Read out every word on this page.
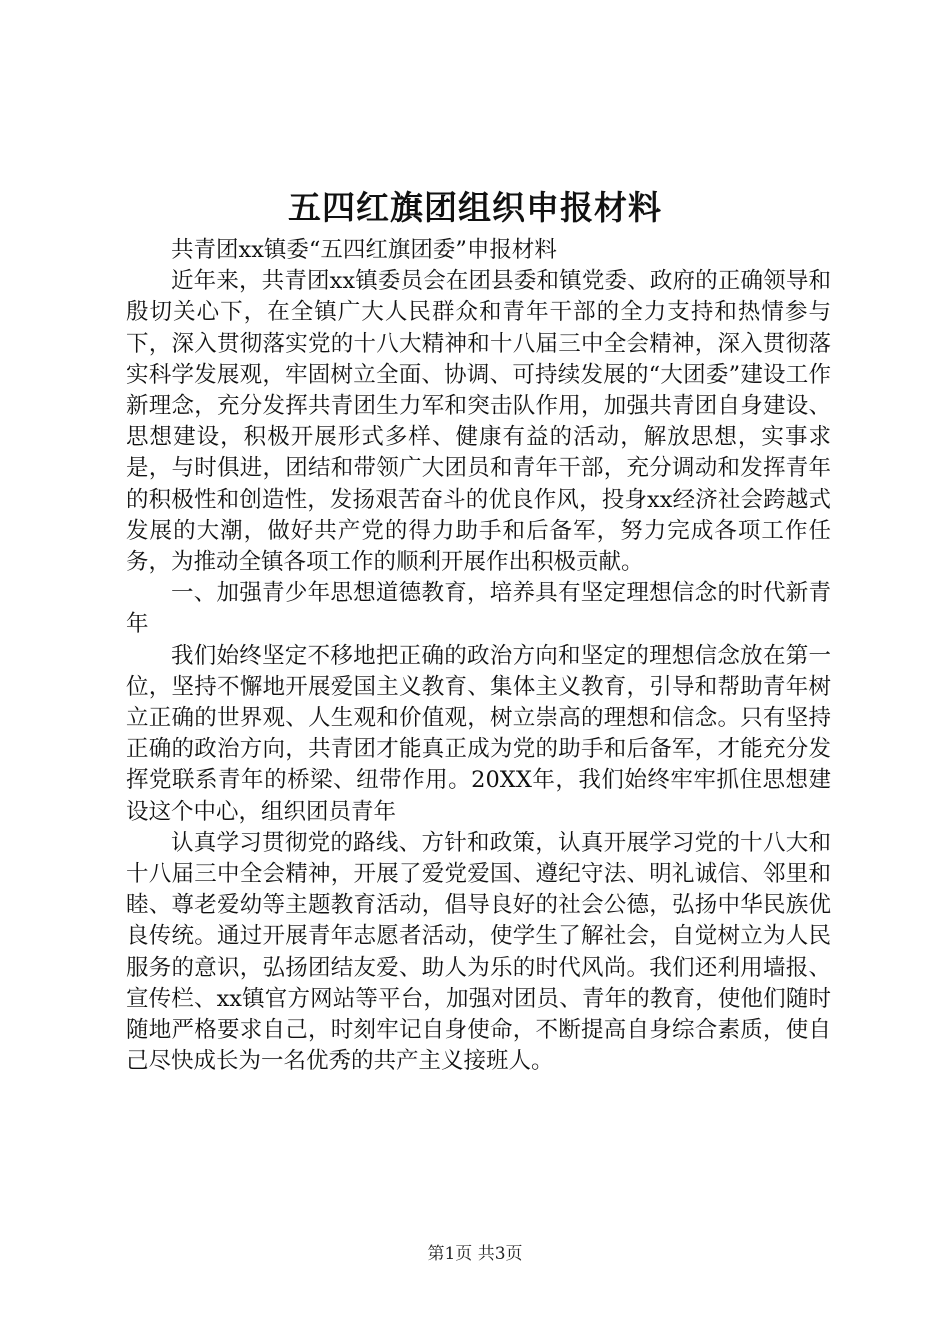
五四红旗团组织申报材料

共青团xx镇委“五四红旗团委”申报材料

近年来，共青团xx镇委员会在团县委和镇党委、政府的正确领导和殷切关心下，在全镇广大人民群众和青年干部的全力支持和热情参与下，深入贯彻落实党的十八大精神和十八届三中全会精神，深入贯彻落实科学发展观，牢固树立全面、协调、可持续发展的“大团委”建设工作新理念，充分发挥共青团生力军和突击队作用，加强共青团自身建设、思想建设，积极开展形式多样、健康有益的活动，解放思想，实事求是，与时俱进，团结和带领广大团员和青年干部，充分调动和发挥青年的积极性和创造性，发扬艰苦奋斗的优良作风，投身xx经济社会跨越式发展的大潮，做好共产党的得力助手和后备军，努力完成各项工作任务，为推动全镇各项工作的顺利开展作出积极贡献。

一、加强青少年思想道德教育，培养具有坚定理想信念的时代新青年

我们始终坚定不移地把正确的政治方向和坚定的理想信念放在第一位，坚持不懈地开展爱国主义教育、集体主义教育，引导和帮助青年树立正确的世界观、人生观和价值观，树立崇高的理想和信念。只有坚持正确的政治方向，共青团才能真正成为党的助手和后备军，才能充分发挥党联系青年的桥梁、纽带作用。20XX年，我们始终牢牢抓住思想建设这个中心，组织团员青年

认真学习贯彻党的路线、方针和政策，认真开展学习党的十八大和十八届三中全会精神，开展了爱党爱国、遵纪守法、明礼诚信、邻里和睦、尊老爱幼等主题教育活动，倡导良好的社会公德，弘扬中华民族优良传统。通过开展青年志愿者活动，使学生了解社会，自觉树立为人民服务的意识，弘扬团结友爱、助人为乐的时代风尚。我们还利用墙报、宣传栏、xx镇官方网站等平台，加强对团员、青年的教育，使他们随时随地严格要求自己，时刻牢记自身使命，不断提高自身综合素质，使自己尽快成长为一名优秀的共产主义接班人。

第1页 共3页
